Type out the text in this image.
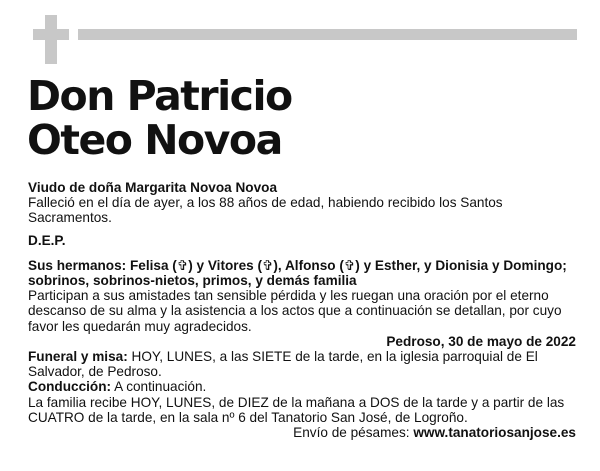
Don Patricio
Oteo Novoa

Viudo de doña Margarita Novoa Novoa

Falleció en el día de ayer, a los 88 años de edad, habiendo recibido los Santos Sacramentos.

D.E.P.

Sus hermanos: Felisa (✞) y Vitores (✞), Alfonso (✞) y Esther, y Dionisia y Domingo; sobrinos, sobrinos-nietos, primos, y demás familia

Participan a sus amistades tan sensible pérdida y les ruegan una oración por el eterno descanso de su alma y la asistencia a los actos que a continuación se detallan, por cuyo favor les quedarán muy agradecidos.

Pedroso, 30 de mayo de 2022

Funeral y misa: HOY, LUNES, a las SIETE de la tarde, en la iglesia parroquial de El Salvador, de Pedroso.

Conducción: A continuación.

La familia recibe HOY, LUNES, de DIEZ de la mañana a DOS de la tarde y a partir de las CUATRO de la tarde, en la sala nº 6 del Tanatorio San José, de Logroño.

Envío de pésames: www.tanatoriosanjose.es
